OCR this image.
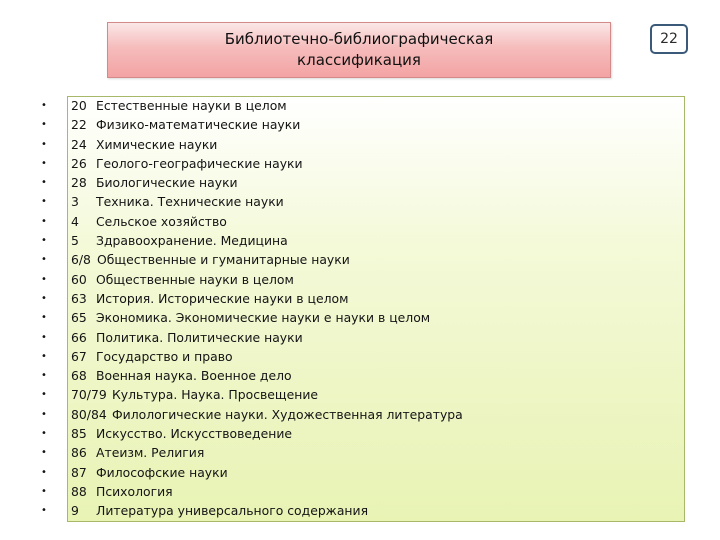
Библиотечно-библиографическая
классификация
22
• 20 Естественные науки в целом
• 22 Физико-математические науки
• 24 Химические науки
• 26 Геолого-географические науки
• 28 Биологические науки
• 3 Техника. Технические науки
• 4 Сельское хозяйство
• 5 Здравоохранение. Медицина
• 6/8 Общественные и гуманитарные науки
• 60 Общественные науки в целом
• 63 История. Исторические науки в целом
• 65 Экономика. Экономические науки е науки в целом
• 66 Политика. Политические науки
• 67 Государство и право
• 68 Военная наука. Военное дело
• 70/79 Культура. Наука. Просвещение
• 80/84 Филологические науки. Художественная литература
• 85 Искусство. Искусствоведение
• 86 Атеизм. Религия
• 87 Философские науки
• 88 Психология
• 9 Литература универсального содержания
